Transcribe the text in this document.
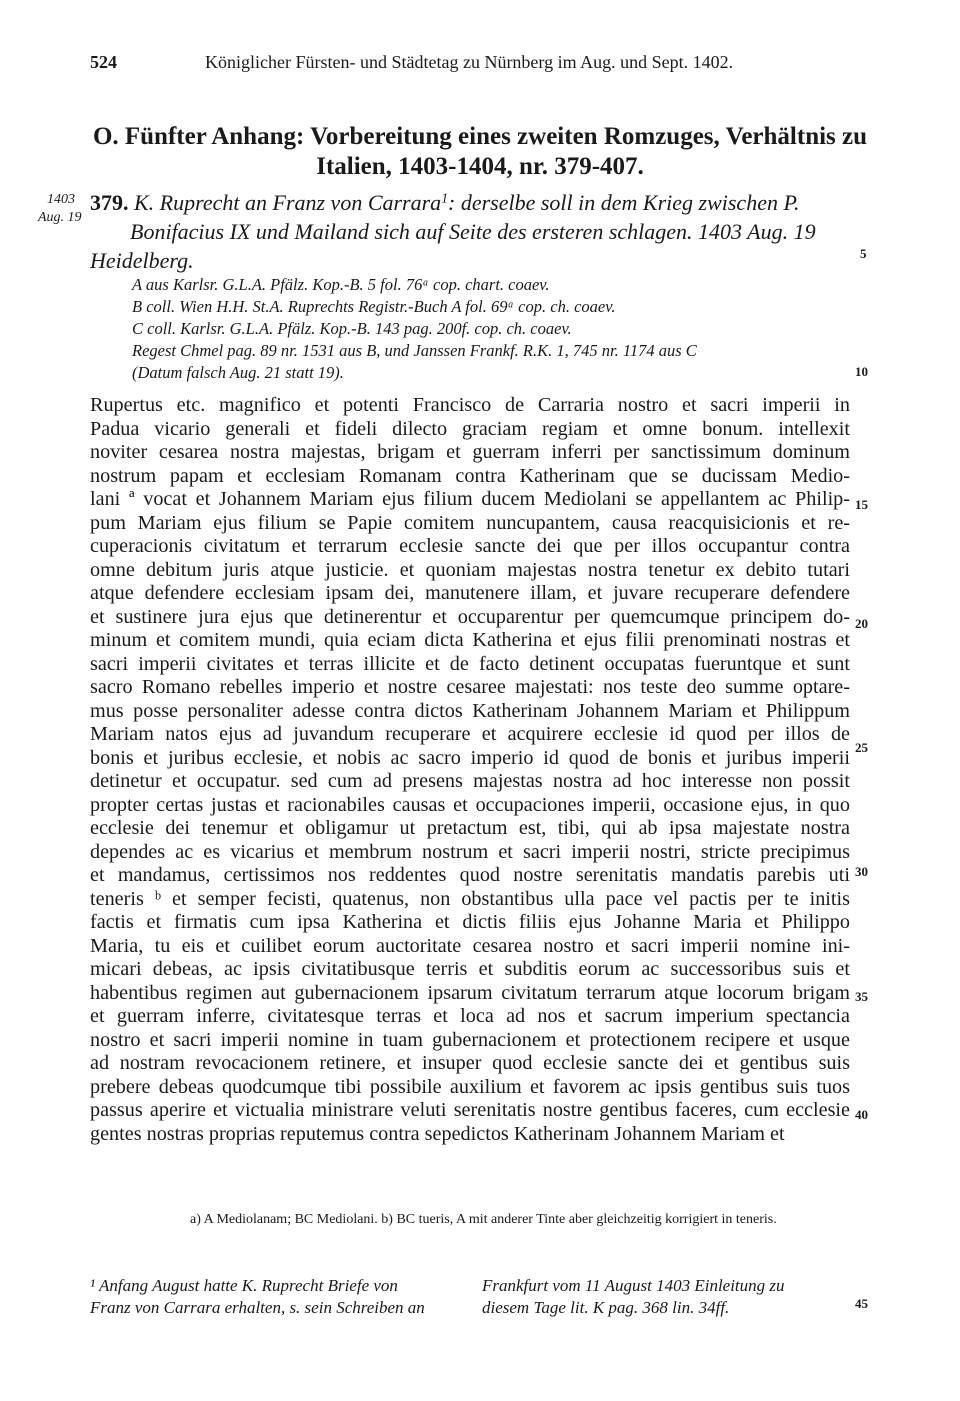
524	Königlicher Fürsten- und Städtetag zu Nürnberg im Aug. und Sept. 1402.
O. Fünfter Anhang: Vorbereitung eines zweiten Romzuges, Verhältnis zu
Italien, 1403-1404, nr. 379-407.
1403
Aug. 19
379. K. Ruprecht an Franz von Carrara$^1$: derselbe soll in dem Krieg zwischen P.
Bonifacius IX und Mailand sich auf Seite des ersteren schlagen. 1403 Aug. 19
Heidelberg.
A aus Karlsr. G.L.A. Pfälz. Kop.-B. 5 fol. 76ᵃ cop. chart. coaev.
B coll. Wien H.H. St.A. Ruprechts Registr.-Buch A fol. 69ᵃ cop. ch. coaev.
C coll. Karlsr. G.L.A. Pfälz. Kop.-B. 143 pag. 200f. cop. ch. coaev.
Regest Chmel pag. 89 nr. 1531 aus B, und Janssen Frankf. R.K. 1, 745 nr. 1174 aus C
(Datum falsch Aug. 21 statt 19).
5
10
15
20
25
30
35
40
45
Rupertus etc. magnifico et potenti Francisco de Carraria nostro et sacri imperii in
Padua vicario generali et fideli dilecto graciam regiam et omne bonum. intellexit
noviter cesarea nostra majestas, brigam et guerram inferri per sanctissimum dominum
nostrum papam et ecclesiam Romanam contra Katherinam que se ducissam Medio-
lani ª vocat et Johannem Mariam ejus filium ducem Mediolani se appellantem ac Philip-
pum Mariam ejus filium se Papie comitem nuncupantem, causa reacquisicionis et re-
cuperacionis civitatum et terrarum ecclesie sancte dei que per illos occupantur contra
omne debitum juris atque justicie. et quoniam majestas nostra tenetur ex debito tutari
atque defendere ecclesiam ipsam dei, manutenere illam, et juvare recuperare defendere
et sustinere jura ejus que detinerentur et occuparentur per quemcumque principem do-
minum et comitem mundi, quia eciam dicta Katherina et ejus filii prenominati nostras et
sacri imperii civitates et terras illicite et de facto detinent occupatas fueruntque et sunt
sacro Romano rebelles imperio et nostre cesaree majestati: nos teste deo summe optare-
mus posse personaliter adesse contra dictos Katherinam Johannem Mariam et Philippum
Mariam natos ejus ad juvandum recuperare et acquirere ecclesie id quod per illos de
bonis et juribus ecclesie, et nobis ac sacro imperio id quod de bonis et juribus imperii
detinetur et occupatur. sed cum ad presens majestas nostra ad hoc interesse non possit
propter certas justas et racionabiles causas et occupaciones imperii, occasione ejus, in quo
ecclesie dei tenemur et obligamur ut pretactum est, tibi, qui ab ipsa majestate nostra
dependes ac es vicarius et membrum nostrum et sacri imperii nostri, stricte precipimus
et mandamus, certissimos nos reddentes quod nostre serenitatis mandatis parebis uti
teneris ᵇ et semper fecisti, quatenus, non obstantibus ulla pace vel pactis per te initis
factis et firmatis cum ipsa Katherina et dictis filiis ejus Johanne Maria et Philippo
Maria, tu eis et cuilibet eorum auctoritate cesarea nostro et sacri imperii nomine ini-
micari debeas, ac ipsis civitatibusque terris et subditis eorum ac successoribus suis et
habentibus regimen aut gubernacionem ipsarum civitatum terrarum atque locorum brigam
et guerram inferre, civitatesque terras et loca ad nos et sacrum imperium spectancia
nostro et sacri imperii nomine in tuam gubernacionem et protectionem recipere et usque
ad nostram revocacionem retinere, et insuper quod ecclesie sancte dei et gentibus suis
prebere debeas quodcumque tibi possibile auxilium et favorem ac ipsis gentibus suis tuos
passus aperire et victualia ministrare veluti serenitatis nostre gentibus faceres, cum ecclesie
gentes nostras proprias reputemus contra sepedictos Katherinam Johannem Mariam et
a) A Mediolanam; BC Mediolani. b) BC tueris, A mit anderer Tinte aber gleichzeitig korrigiert in teneris.
¹ Anfang August hatte K. Ruprecht Briefe von
Franz von Carrara erhalten, s. sein Schreiben an
Frankfurt vom 11 August 1403 Einleitung zu
diesem Tage lit. K pag. 368 lin. 34ff.
